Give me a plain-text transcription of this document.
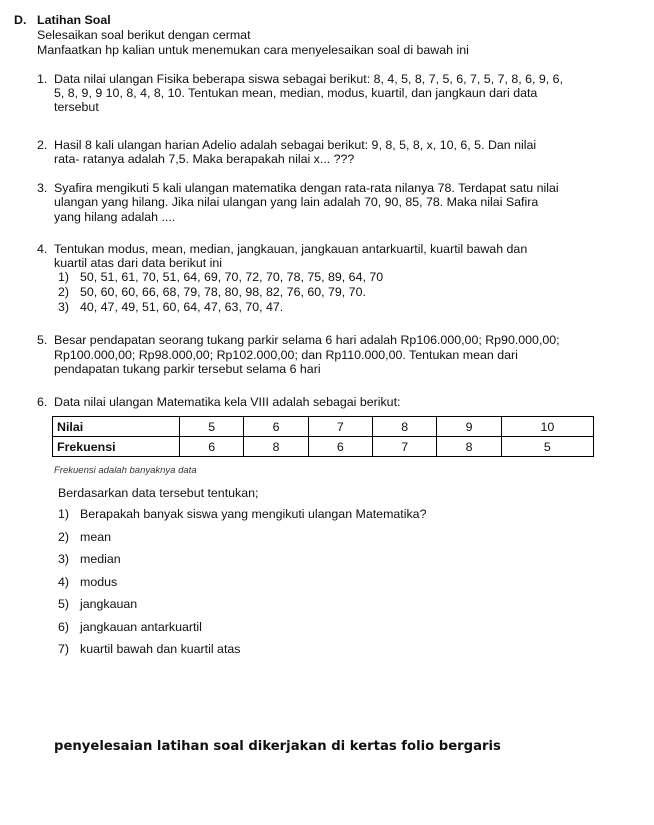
D. Latihan Soal
Selesaikan soal berikut dengan cermat
Manfaatkan hp kalian untuk menemukan cara menyelesaikan soal di bawah ini
1. Data nilai ulangan Fisika beberapa siswa sebagai berikut: 8, 4, 5, 8, 7, 5, 6, 7, 5, 7, 8, 6, 9, 6,
5, 8, 9, 9 10, 8, 4, 8, 10. Tentukan mean, median, modus, kuartil, dan jangkaun dari data
tersebut
2. Hasil 8 kali ulangan harian Adelio adalah sebagai berikut: 9, 8, 5, 8, x, 10, 6, 5. Dan nilai
rata- ratanya adalah 7,5. Maka berapakah nilai x... ???
3. Syafira mengikuti 5 kali ulangan matematika dengan rata-rata nilanya 78. Terdapat satu nilai
ulangan yang hilang. Jika nilai ulangan yang lain adalah 70, 90, 85, 78. Maka nilai Safira
yang hilang adalah ....
4. Tentukan modus, mean, median, jangkauan, jangkauan antarkuartil, kuartil bawah dan
kuartil atas dari data berikut ini
1) 50, 51, 61, 70, 51, 64, 69, 70, 72, 70, 78, 75, 89, 64, 70
2) 50, 60, 60, 66, 68, 79, 78, 80, 98, 82, 76, 60, 79, 70.
3) 40, 47, 49, 51, 60, 64, 47, 63, 70, 47.
5. Besar pendapatan seorang tukang parkir selama 6 hari adalah Rp106.000,00; Rp90.000,00;
Rp100.000,00; Rp98.000,00; Rp102.000,00; dan Rp110.000,00. Tentukan mean dari
pendapatan tukang parkir tersebut selama 6 hari
6. Data nilai ulangan Matematika kela VIII adalah sebagai berikut:
Nilai	5	6	7	8	9	10
Frekuensi	6	8	6	7	8	5
Frekuensi adalah banyaknya data
Berdasarkan data tersebut tentukan;
1) Berapakah banyak siswa yang mengikuti ulangan Matematika?
2) mean
3) median
4) modus
5) jangkauan
6) jangkauan antarkuartil
7) kuartil bawah dan kuartil atas
penyelesaian latihan soal dikerjakan di kertas folio bergaris
